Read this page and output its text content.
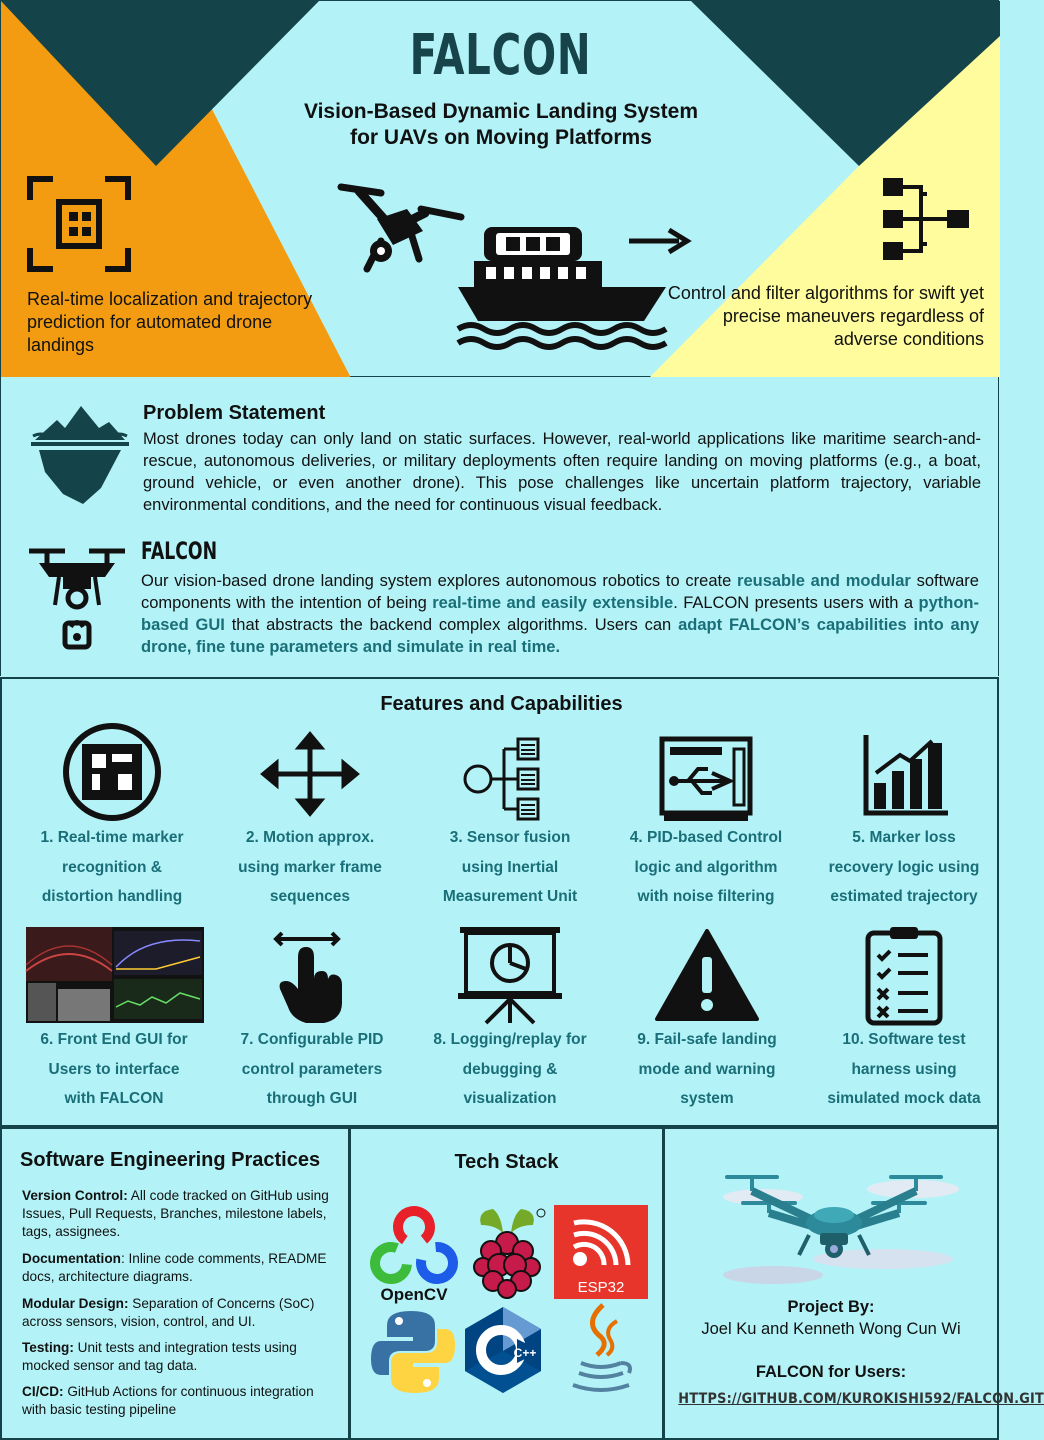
FALCON
Vision-Based Dynamic Landing System
for UAVs on Moving Platforms
Real-time localization and trajectory prediction for automated drone landings
Control and filter algorithms for swift yet precise maneuvers regardless of adverse conditions
Problem Statement
Most drones today can only land on static surfaces. However, real-world applications like maritime search-and-rescue, autonomous deliveries, or military deployments often require landing on moving platforms (e.g., a boat, ground vehicle, or even another drone). This pose challenges like uncertain platform trajectory, variable environmental conditions, and the need for continuous visual feedback.
FALCON
Our vision-based drone landing system explores autonomous robotics to create reusable and modular software components with the intention of being real-time and easily extensible. FALCON presents users with a python-based GUI that abstracts the backend complex algorithms. Users can adapt FALCON’s capabilities into any drone, fine tune parameters and simulate in real time.
Features and Capabilities
1. Real-time marker
recognition &
distortion handling
2. Motion approx.
using marker frame
sequences
3. Sensor fusion
using Inertial
Measurement Unit
4. PID-based Control
logic and algorithm
with noise filtering
5. Marker loss
recovery logic using
estimated trajectory
6. Front End GUI for
Users to interface
with FALCON
7. Configurable PID
control parameters
through GUI
8. Logging/replay for
debugging &
visualization
9. Fail-safe landing
mode and warning
system
10. Software test
harness using
simulated mock data
Software Engineering Practices
Version Control: All code tracked on GitHub using Issues, Pull Requests, Branches, milestone labels, tags, assignees.
Documentation: Inline code comments, README docs, architecture diagrams.
Modular Design: Separation of Concerns (SoC) across sensors, vision, control, and UI.
Testing: Unit tests and integration tests using mocked sensor and tag data.
CI/CD: GitHub Actions for continuous integration with basic testing pipeline
Tech Stack
OpenCV	ESP32
C++
Project By:
Joel Ku and Kenneth Wong Cun Wi
FALCON for Users:
HTTPS://GITHUB.COM/KUROKISHI592/FALCON.GIT
